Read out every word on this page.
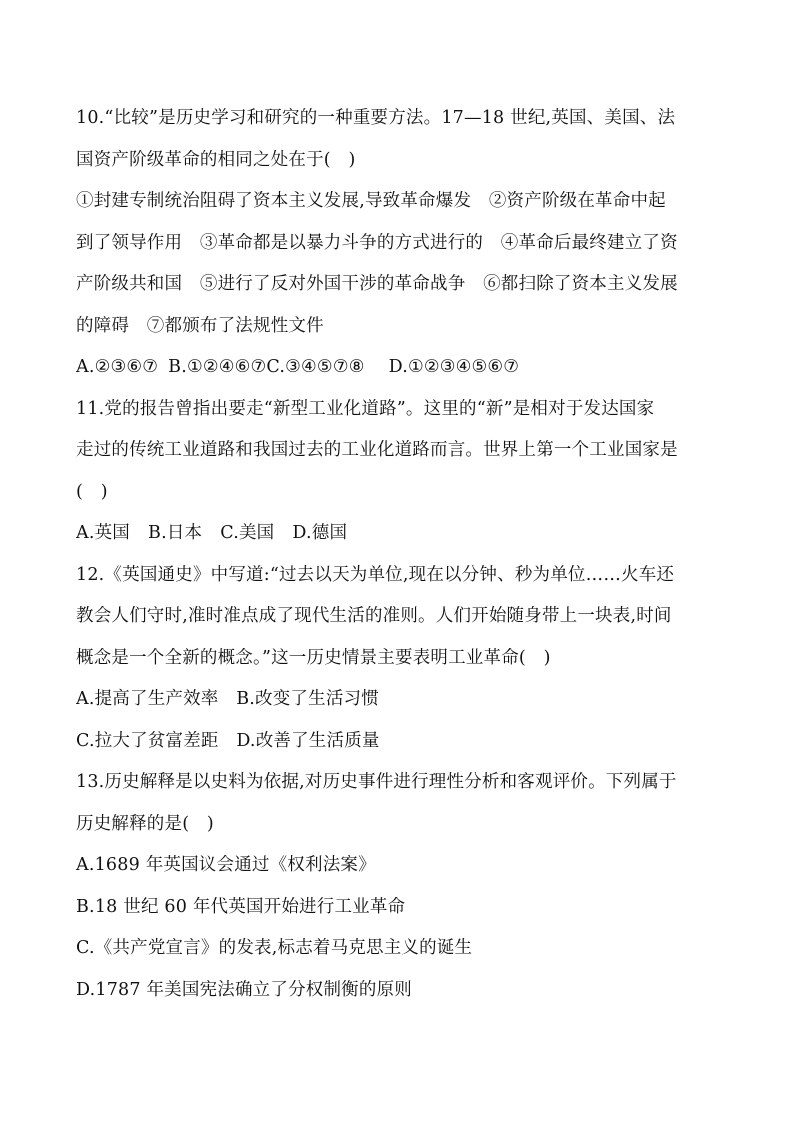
10.“比较”是历史学习和研究的一种重要方法。17—18 世纪,英国、美国、法
国资产阶级革命的相同之处在于(　)
①封建专制统治阻碍了资本主义发展,导致革命爆发　②资产阶级在革命中起
到了领导作用　③革命都是以暴力斗争的方式进行的　④革命后最终建立了资
产阶级共和国　⑤进行了反对外国干涉的革命战争　⑥都扫除了资本主义发展
的障碍　⑦都颁布了法规性文件
A.②③⑥⑦ B.①②④⑥⑦C.③④⑤⑦⑧ D.①②③④⑤⑥⑦
11.党的报告曾指出要走“新型工业化道路”。这里的“新”是相对于发达国家
走过的传统工业道路和我国过去的工业化道路而言。世界上第一个工业国家是
(　)
A.英国 B.日本 C.美国 D.德国
12.《英国通史》中写道:“过去以天为单位,现在以分钟、秒为单位……火车还
教会人们守时,准时准点成了现代生活的准则。人们开始随身带上一块表,时间
概念是一个全新的概念。”这一历史情景主要表明工业革命(　)
A.提高了生产效率　B.改变了生活习惯
C.拉大了贫富差距　D.改善了生活质量
13.历史解释是以史料为依据,对历史事件进行理性分析和客观评价。下列属于
历史解释的是(　)
A.1689 年英国议会通过《权利法案》
B.18 世纪 60 年代英国开始进行工业革命
C.《共产党宣言》的发表,标志着马克思主义的诞生
D.1787 年美国宪法确立了分权制衡的原则
